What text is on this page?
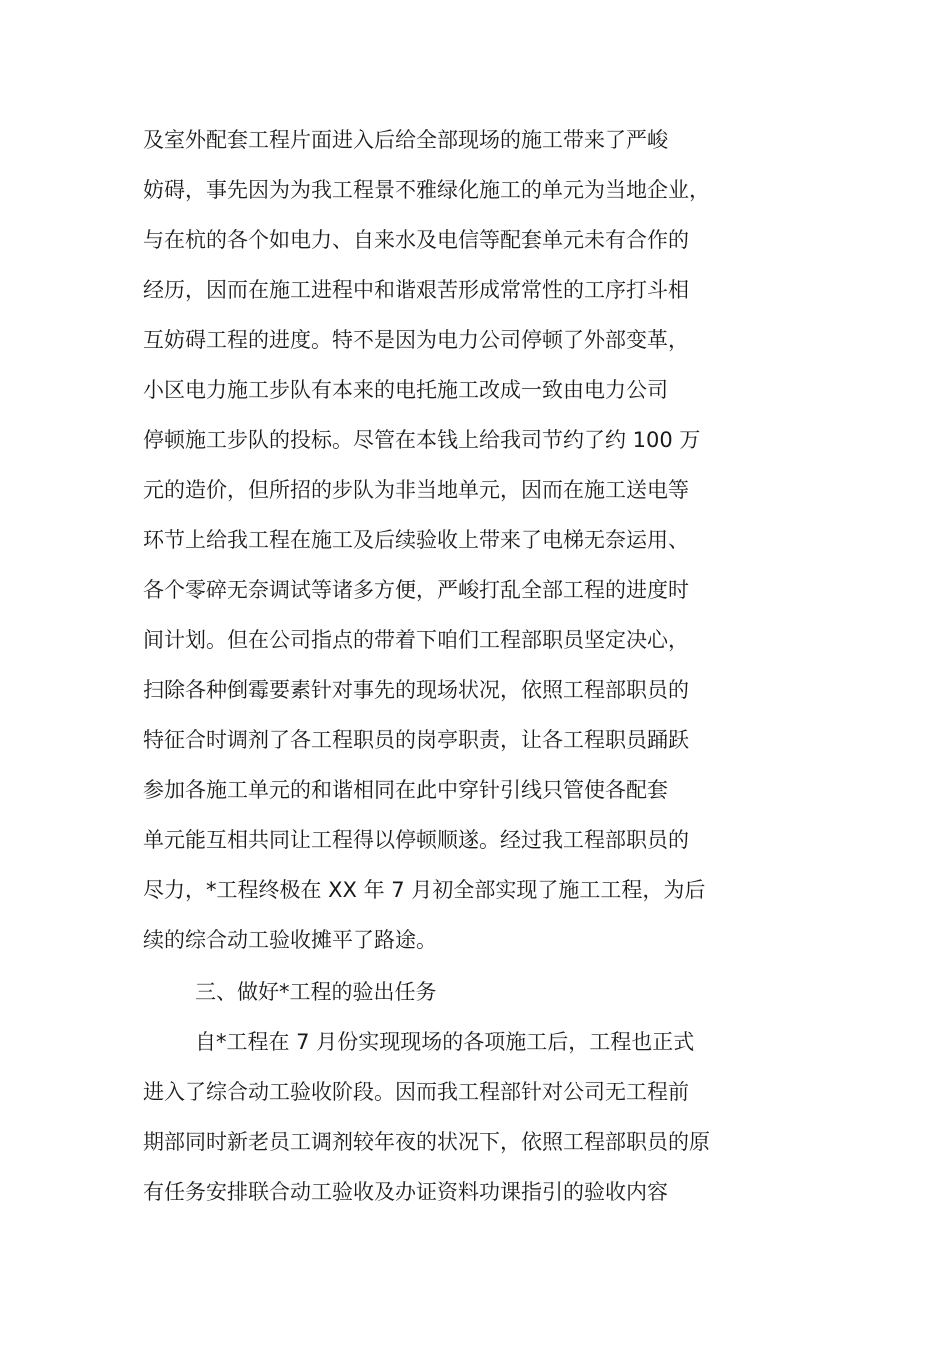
及室外配套工程片面进入后给全部现场的施工带来了严峻

妨碍，事先因为为我工程景不雅绿化施工的单元为当地企业，

与在杭的各个如电力、自来水及电信等配套单元未有合作的

经历，因而在施工进程中和谐艰苦形成常常性的工序打斗相

互妨碍工程的进度。特不是因为电力公司停顿了外部变革，

小区电力施工步队有本来的电托施工改成一致由电力公司

停顿施工步队的投标。尽管在本钱上给我司节约了约 100 万

元的造价，但所招的步队为非当地单元，因而在施工送电等

环节上给我工程在施工及后续验收上带来了电梯无奈运用、

各个零碎无奈调试等诸多方便，严峻打乱全部工程的进度时

间计划。但在公司指点的带着下咱们工程部职员坚定决心，

扫除各种倒霉要素针对事先的现场状况，依照工程部职员的

特征合时调剂了各工程职员的岗亭职责，让各工程职员踊跃

参加各施工单元的和谐相同在此中穿针引线只管使各配套

单元能互相共同让工程得以停顿顺遂。经过我工程部职员的

尽力，*工程终极在 XX 年 7 月初全部实现了施工工程，为后

续的综合动工验收摊平了路途。

三、做好*工程的验出任务

自*工程在 7 月份实现现场的各项施工后，工程也正式

进入了综合动工验收阶段。因而我工程部针对公司无工程前

期部同时新老员工调剂较年夜的状况下，依照工程部职员的原

有任务安排联合动工验收及办证资料功课指引的验收内容
